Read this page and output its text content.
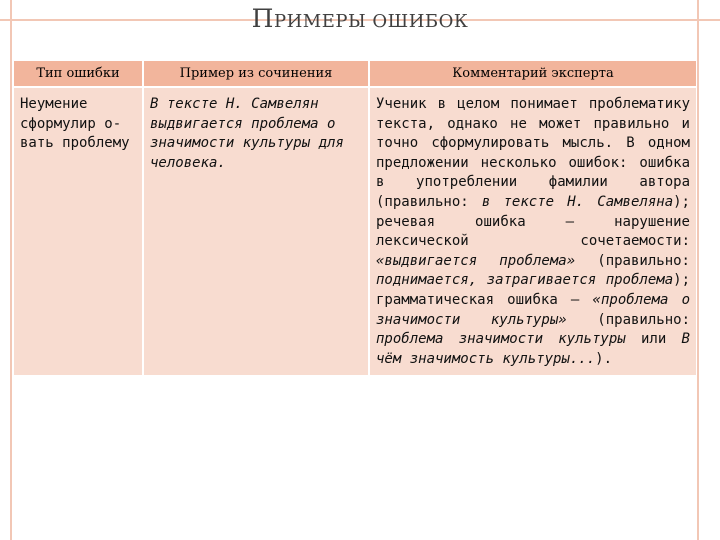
ПРИМЕРЫ ОШИБОК
Тип ошибки	Пример из сочинения	Комментарий эксперта
Неумение сформулир о-вать проблему	В тексте Н. Самвелян выдвигается проблема о значимости культуры для человека.	Ученик в целом понимает проблематику текста, однако не может правильно и точно сформулировать мысль. В одном предложении несколько ошибок: ошибка в употреблении фамилии автора (правильно: в тексте Н. Самвеляна); речевая ошибка — нарушение лексической сочетаемости: «выдвигается проблема» (правильно: поднимается, затрагивается проблема); грамматическая ошибка — «проблема о значимости культуры» (правильно: проблема значимости культуры или В чём значимость культуры...).
